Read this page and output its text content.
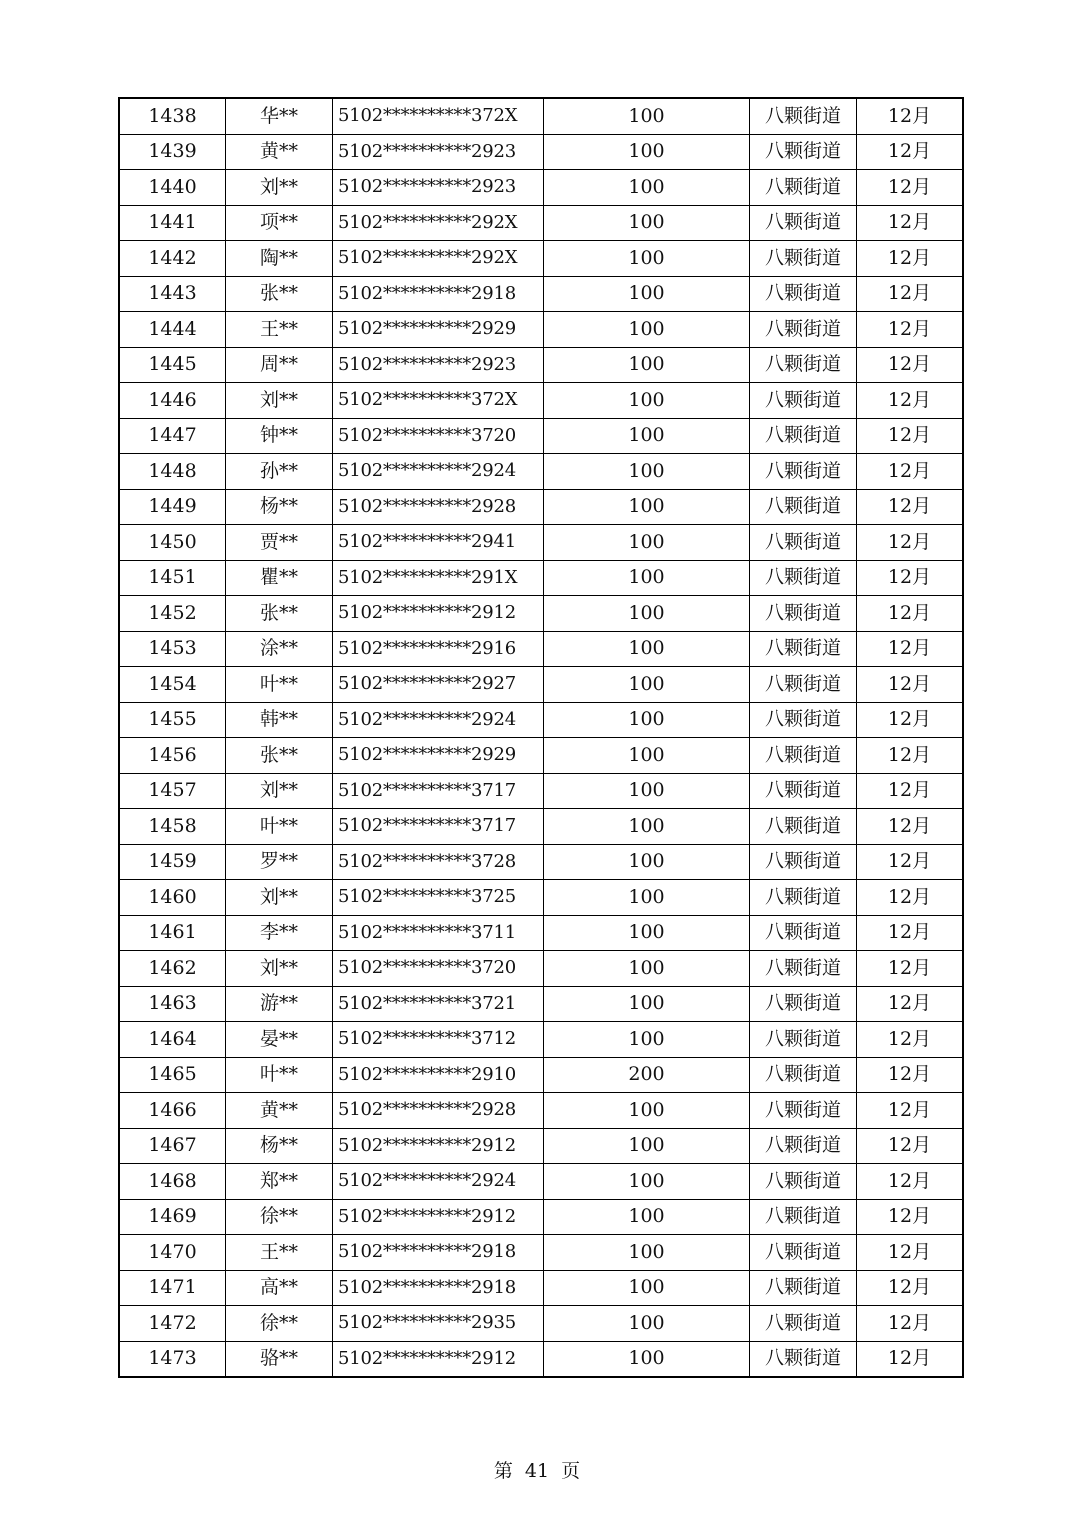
1438	华**	5102**********372X	100	八颗街道	12月
1439	黄**	5102**********2923	100	八颗街道	12月
1440	刘**	5102**********2923	100	八颗街道	12月
1441	项**	5102**********292X	100	八颗街道	12月
1442	陶**	5102**********292X	100	八颗街道	12月
1443	张**	5102**********2918	100	八颗街道	12月
1444	王**	5102**********2929	100	八颗街道	12月
1445	周**	5102**********2923	100	八颗街道	12月
1446	刘**	5102**********372X	100	八颗街道	12月
1447	钟**	5102**********3720	100	八颗街道	12月
1448	孙**	5102**********2924	100	八颗街道	12月
1449	杨**	5102**********2928	100	八颗街道	12月
1450	贾**	5102**********2941	100	八颗街道	12月
1451	瞿**	5102**********291X	100	八颗街道	12月
1452	张**	5102**********2912	100	八颗街道	12月
1453	涂**	5102**********2916	100	八颗街道	12月
1454	叶**	5102**********2927	100	八颗街道	12月
1455	韩**	5102**********2924	100	八颗街道	12月
1456	张**	5102**********2929	100	八颗街道	12月
1457	刘**	5102**********3717	100	八颗街道	12月
1458	叶**	5102**********3717	100	八颗街道	12月
1459	罗**	5102**********3728	100	八颗街道	12月
1460	刘**	5102**********3725	100	八颗街道	12月
1461	李**	5102**********3711	100	八颗街道	12月
1462	刘**	5102**********3720	100	八颗街道	12月
1463	游**	5102**********3721	100	八颗街道	12月
1464	晏**	5102**********3712	100	八颗街道	12月
1465	叶**	5102**********2910	200	八颗街道	12月
1466	黄**	5102**********2928	100	八颗街道	12月
1467	杨**	5102**********2912	100	八颗街道	12月
1468	郑**	5102**********2924	100	八颗街道	12月
1469	徐**	5102**********2912	100	八颗街道	12月
1470	王**	5102**********2918	100	八颗街道	12月
1471	高**	5102**********2918	100	八颗街道	12月
1472	徐**	5102**********2935	100	八颗街道	12月
1473	骆**	5102**********2912	100	八颗街道	12月
第 41 页
